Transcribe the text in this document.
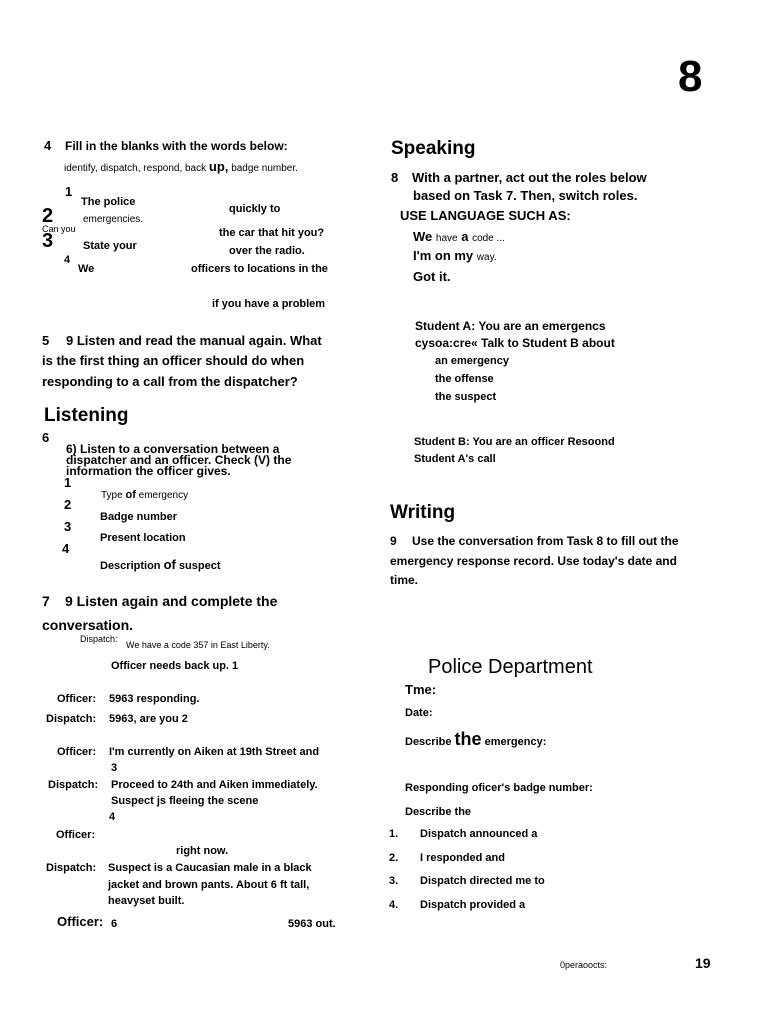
8
4 Fill in the blanks with the words below:
identify, dispatch, respond, back up, badge number.
1
The police
quickly to
emergencies.
2
Can you	the car that hit you?
3	State your	over the radio.
4
We	officers to locations in the
if you have a problem
5 9 Listen and read the manual again. What
is the first thing an officer should do when
responding to a call from the dispatcher?
Listening
6
6) Listen to a conversation between a
dispatcher and an officer. Check (V) the
information the officer gives.
1
Type of emergency
2
Badge number
3
Present location
4
Description of suspect
7 9 Listen again and complete the
conversation.
Dispatch:
We have a code 357 in East Liberty.
Officer needs back up. 1
Officer: 5963 responding.
Dispatch: 5963, are you 2
Officer: I'm currently on Aiken at 19th Street and
3
Dispatch: Proceed to 24th and Aiken immediately.
Suspect js fleeing the scene
4
Officer:
right now.
Dispatch: Suspect is a Caucasian male in a black
jacket and brown pants. About 6 ft tall,
heavyset built.
Officer: 6	5963 out.
Speaking
8 With a partner, act out the roles below
based on Task 7. Then, switch roles.
USE LANGUAGE SUCH AS:
We have a code ...
I'm on my way.
Got it.
Student A: You are an emergencs
cysoa:cre« Talk to Student B about
an emergency
the offense
the suspect
Student B: You are an officer Resoond
Student A's call
Writing
9 Use the conversation from Task 8 to fill out the
emergency response record. Use today's date and
time.
Police Department
Tme:
Date:
Describe the emergency:
Responding oficer's badge number:
Describe the
1. Dispatch announced a
2. I responded and
3. Dispatch directed me to
4. Dispatch provided a
0peraoocts:	19
